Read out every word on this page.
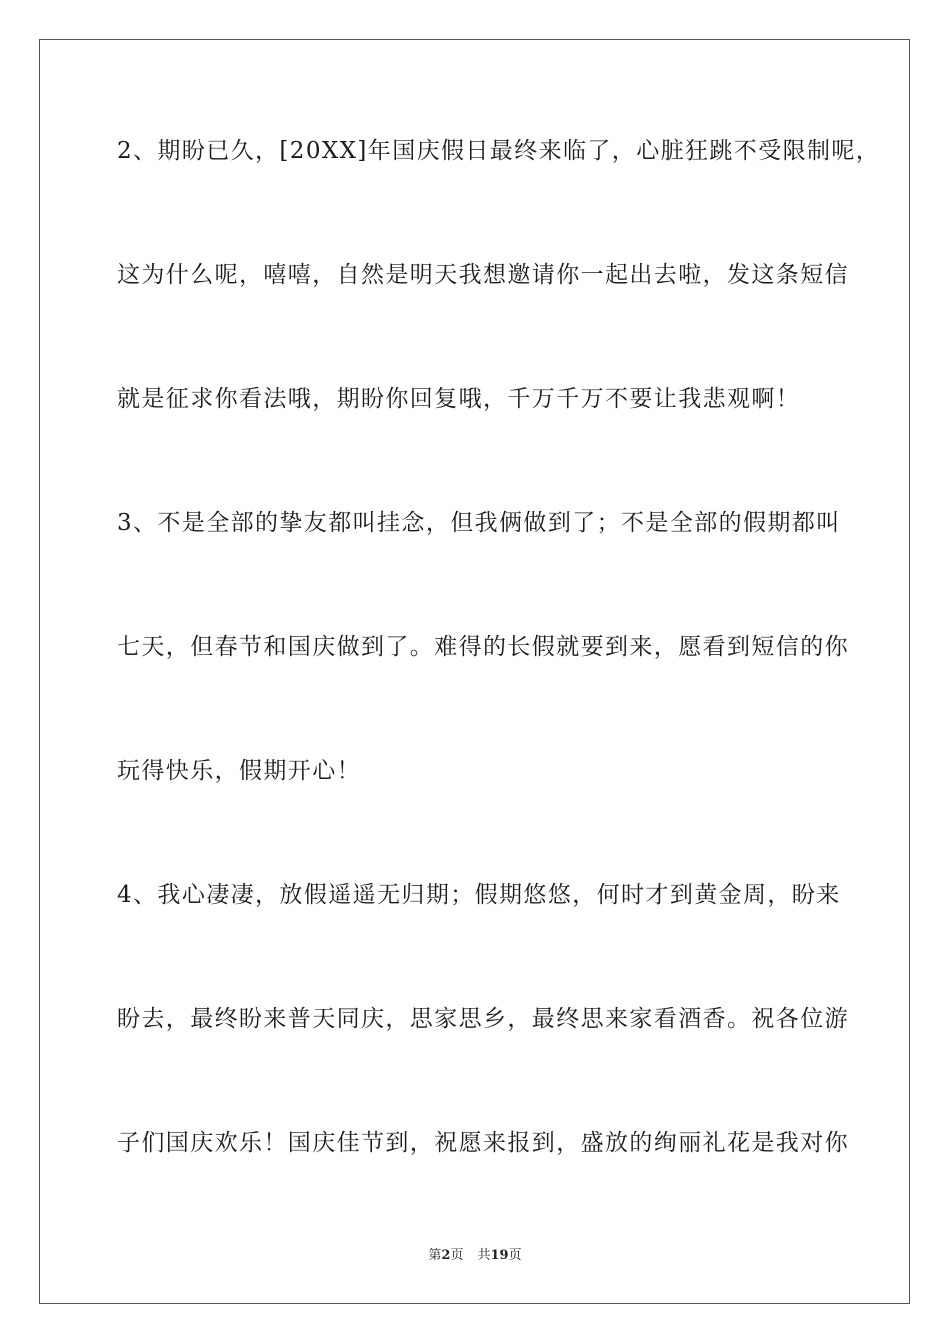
2、期盼已久，[20XX]年国庆假日最终来临了，心脏狂跳不受限制呢，
这为什么呢，嘻嘻，自然是明天我想邀请你一起出去啦，发这条短信
就是征求你看法哦，期盼你回复哦，千万千万不要让我悲观啊！
3、不是全部的挚友都叫挂念，但我俩做到了；不是全部的假期都叫
七天，但春节和国庆做到了。难得的长假就要到来，愿看到短信的你
玩得快乐，假期开心！
4、我心凄凄，放假遥遥无归期；假期悠悠，何时才到黄金周，盼来
盼去，最终盼来普天同庆，思家思乡，最终思来家看酒香。祝各位游
子们国庆欢乐！国庆佳节到，祝愿来报到，盛放的绚丽礼花是我对你
第2页 共19页
